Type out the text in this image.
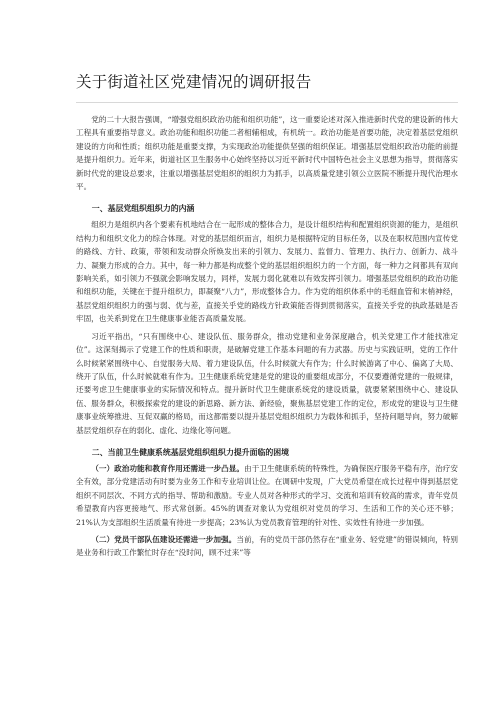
关于街道社区党建情况的调研报告

党的二十大报告强调，“增强党组织政治功能和组织功能”，这一重要论述对深入推进新时代党的建设新的伟大工程具有重要指导意义。政治功能和组织功能二者相辅相成，有机统一。政治功能是首要功能，决定着基层党组织建设的方向和性质；组织功能是重要支撑，为实现政治功能提供坚强的组织保证。增强基层党组织政治功能的前提是提升组织力。近年来，街道社区卫生服务中心始终坚持以习近平新时代中国特色社会主义思想为指导，贯彻落实新时代党的建设总要求，注重以增强基层党组织的组织力为抓手，以高质量党建引领公立医院不断提升现代治理水平。

一、基层党组织组织力的内涵

组织力是组织内各个要素有机地结合在一起形成的整体合力，是设计组织结构和配置组织资源的能力，是组织结构力和组织文化力的综合体现。对党的基层组织而言，组织力是根据特定的目标任务，以及在职权范围内宣传党的路线、方针、政策，带领和发动群众所焕发出来的引领力、发展力、监督力、管理力、执行力、创新力、战斗力、凝聚力形成的合力。其中，每一种力都是构成整个党的基层组织组织力的一个方面，每一种力之间都具有双向影响关系，如引领力不强就会影响发展力，同样，发展力弱化就难以有效发挥引领力。增强基层党组织的政治功能和组织功能，关键在于提升组织力，即凝聚“八力”，形成整体合力。作为党的组织体系中的毛细血管和末梢神经，基层党组织组织力的强与弱、优与差，直接关乎党的路线方针政策能否得到贯彻落实，直接关乎党的执政基础是否牢固，也关系到党在卫生健康事业能否高质量发展。

习近平指出，“只有围绕中心、建设队伍、服务群众，推动党建和业务深度融合，机关党建工作才能找准定位”。这深刻揭示了党建工作的性质和职责，是破解党建工作基本问题的有力武器。历史与实践证明，党的工作什么时候紧紧围绕中心、自觉服务大局、着力建设队伍，什么时候就大有作为；什么时候游离了中心、偏离了大局、绕开了队伍，什么时候就难有作为。卫生健康系统党建是党的建设的重要组成部分，不仅要遵循党建的一般规律，还要考虑卫生健康事业的实际情况和特点。提升新时代卫生健康系统党的建设质量，就要紧紧围绕中心、建设队伍、服务群众，积极探索党的建设的新思路、新方法、新经验，聚焦基层党建工作的定位，形成党的建设与卫生健康事业统筹推进、互促双赢的格局，而这都需要以提升基层党组织组织力为载体和抓手，坚持问题导向，努力破解基层党组织存在的弱化、虚化、边缘化等问题。

二、当前卫生健康系统基层党组织组织力提升面临的困境

（一）政治功能和教育作用还需进一步凸显。由于卫生健康系统的特殊性，为确保医疗服务平稳有序，治疗安全有效，部分党建活动有时要为业务工作和专业培训让位。在调研中发现，广大党员希望在成长过程中得到基层党组织不同层次、不同方式的指导、帮助和激励。专业人员对各种形式的学习、交流和培训有较高的需求，青年党员希望教育内容更接地气、形式常创新。45%的调查对象认为党组织对党员的学习、生活和工作的关心还不够；21%认为支部组织生活质量有待进一步提高；23%认为党员教育管理的针对性、实效性有待进一步加强。

（二）党员干部队伍建设还需进一步加强。当前，有的党员干部仍然存在“重业务、轻党建”的错误倾向，特别是业务和行政工作繁忙时存在“没时间，顾不过来”等
